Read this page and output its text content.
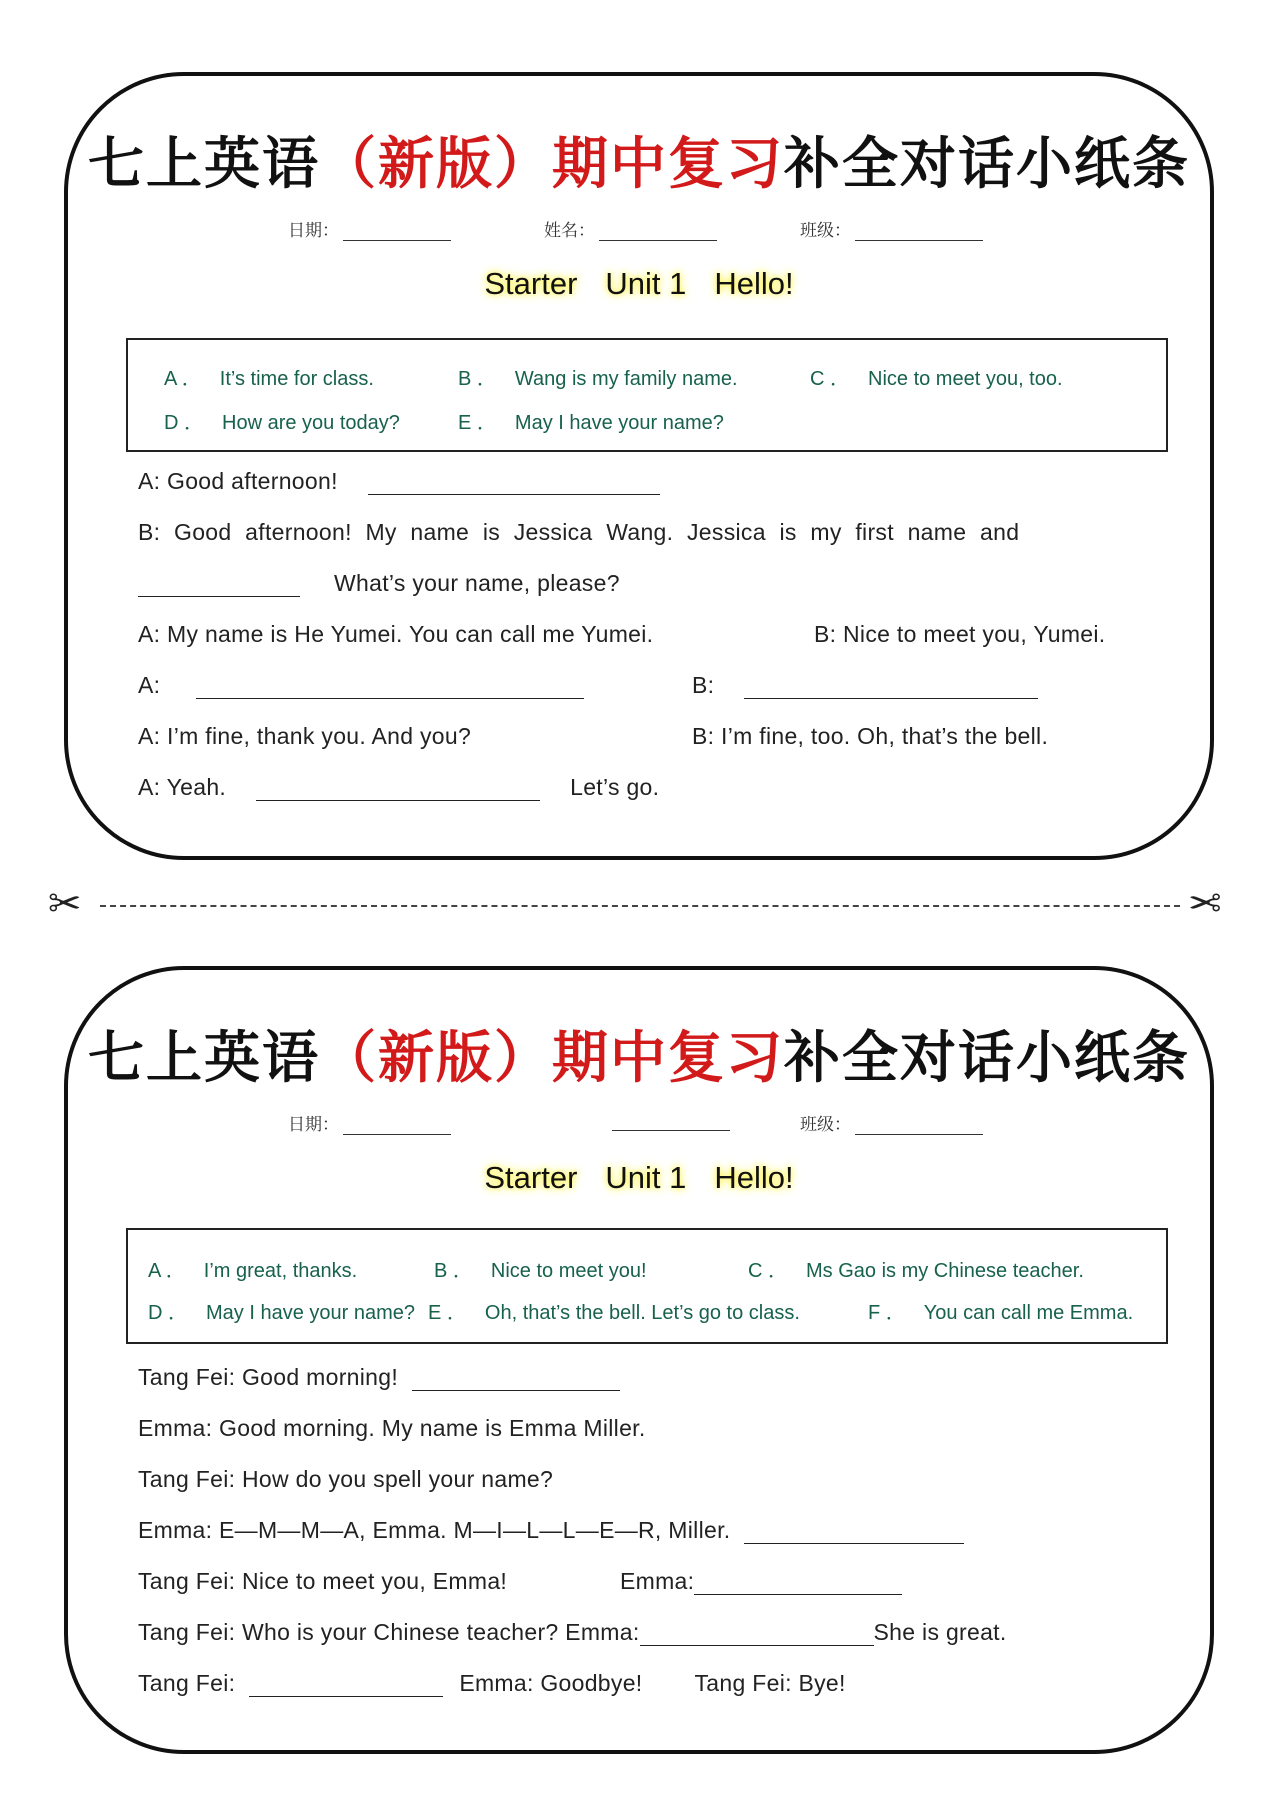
七上英语（新版）期中复习补全对话小纸条
日期：	姓名：	班级：
Starter Unit 1 Hello!
A ． It’s time for class.	B ． Wang is my family name.	C ． Nice to meet you, too.
D ． How are you today?	E ． May I have your name?
A: Good afternoon!
B: Good afternoon! My name is Jessica Wang. Jessica is my first name and
What’s your name, please?
A: My name is He Yumei. You can call me Yumei.	B: Nice to meet you, Yumei.
A:	B:
A: I’m fine, thank you. And you?	B: I’m fine, too. Oh, that’s the bell.
A: Yeah.	Let’s go.
✂	✂
七上英语（新版）期中复习补全对话小纸条
日期：	班级：
Starter Unit 1 Hello!
A ． I’m great, thanks.	B ． Nice to meet you!	C ． Ms Gao is my Chinese teacher.
D ． May I have your name? E ． Oh, that’s the bell. Let’s go to class.	F ． You can call me Emma.
Tang Fei: Good morning!
Emma: Good morning. My name is Emma Miller.
Tang Fei: How do you spell your name?
Emma: E—M—M—A, Emma. M—I—L—L—E—R, Miller.
Tang Fei: Nice to meet you, Emma!	Emma:
Tang Fei: Who is your Chinese teacher? Emma:	She is great.
Tang Fei:	Emma: Goodbye! Tang Fei: Bye!
